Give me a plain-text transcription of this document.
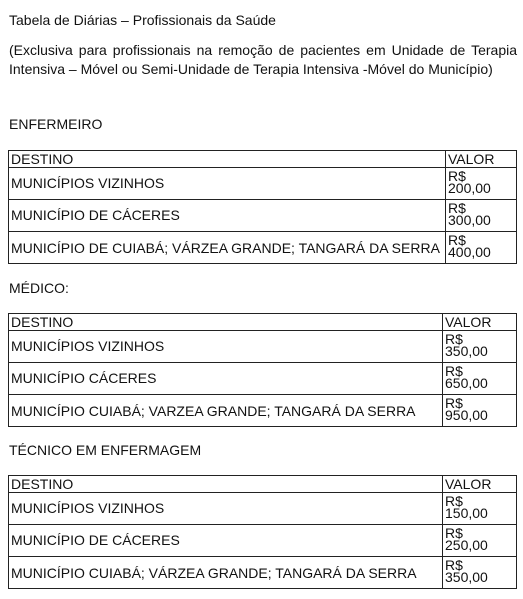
Tabela de Diárias – Profissionais da Saúde
(Exclusiva para profissionais na remoção de pacientes em Unidade de Terapia Intensiva – Móvel ou Semi-Unidade de Terapia Intensiva -Móvel do Município)
ENFERMEIRO
DESTINO	VALOR
MUNICÍPIOS VIZINHOS	R$
200,00
MUNICÍPIO DE CÁCERES	R$
300,00
MUNICÍPIO DE CUIABÁ; VÁRZEA GRANDE; TANGARÁ DA SERRA	R$
400,00
MÉDICO:
DESTINO	VALOR
MUNICÍPIOS VIZINHOS	R$
350,00
MUNICÍPIO CÁCERES	R$
650,00
MUNICÍPIO CUIABÁ; VARZEA GRANDE; TANGARÁ DA SERRA	R$
950,00
TÉCNICO EM ENFERMAGEM
DESTINO	VALOR
MUNICÍPIOS VIZINHOS	R$
150,00
MUNICÍPIO DE CÁCERES	R$
250,00
MUNICÍPIO CUIABÁ; VÁRZEA GRANDE; TANGARÁ DA SERRA	R$
350,00
